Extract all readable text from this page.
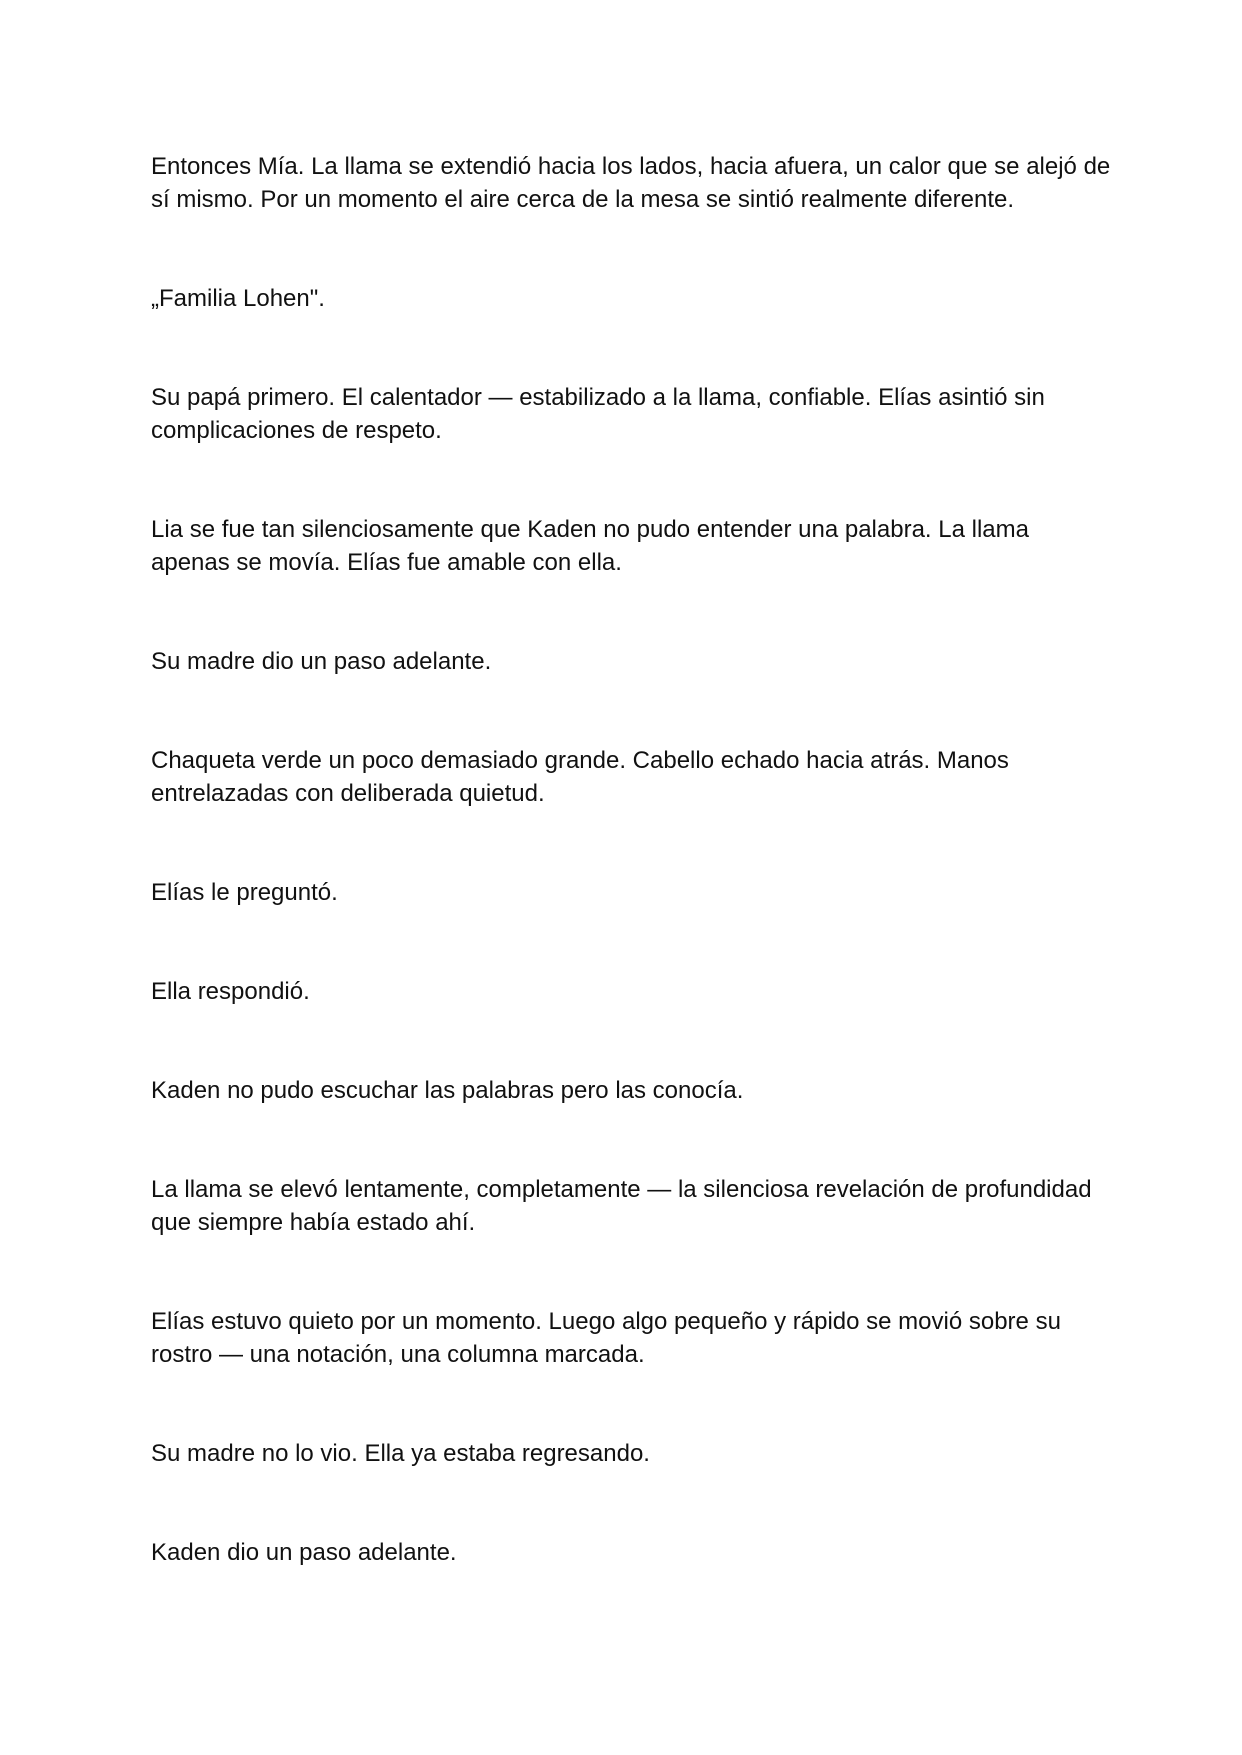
Entonces Mía. La llama se extendió hacia los lados, hacia afuera, un calor que se alejó de sí mismo. Por un momento el aire cerca de la mesa se sintió realmente diferente.

„Familia Lohen".

Su papá primero. El calentador — estabilizado a la llama, confiable. Elías asintió sin complicaciones de respeto.

Lia se fue tan silenciosamente que Kaden no pudo entender una palabra. La llama apenas se movía. Elías fue amable con ella.

Su madre dio un paso adelante.

Chaqueta verde un poco demasiado grande. Cabello echado hacia atrás. Manos entrelazadas con deliberada quietud.

Elías le preguntó.

Ella respondió.

Kaden no pudo escuchar las palabras pero las conocía.

La llama se elevó lentamente, completamente — la silenciosa revelación de profundidad que siempre había estado ahí.

Elías estuvo quieto por un momento. Luego algo pequeño y rápido se movió sobre su rostro — una notación, una columna marcada.

Su madre no lo vio. Ella ya estaba regresando.

Kaden dio un paso adelante.
